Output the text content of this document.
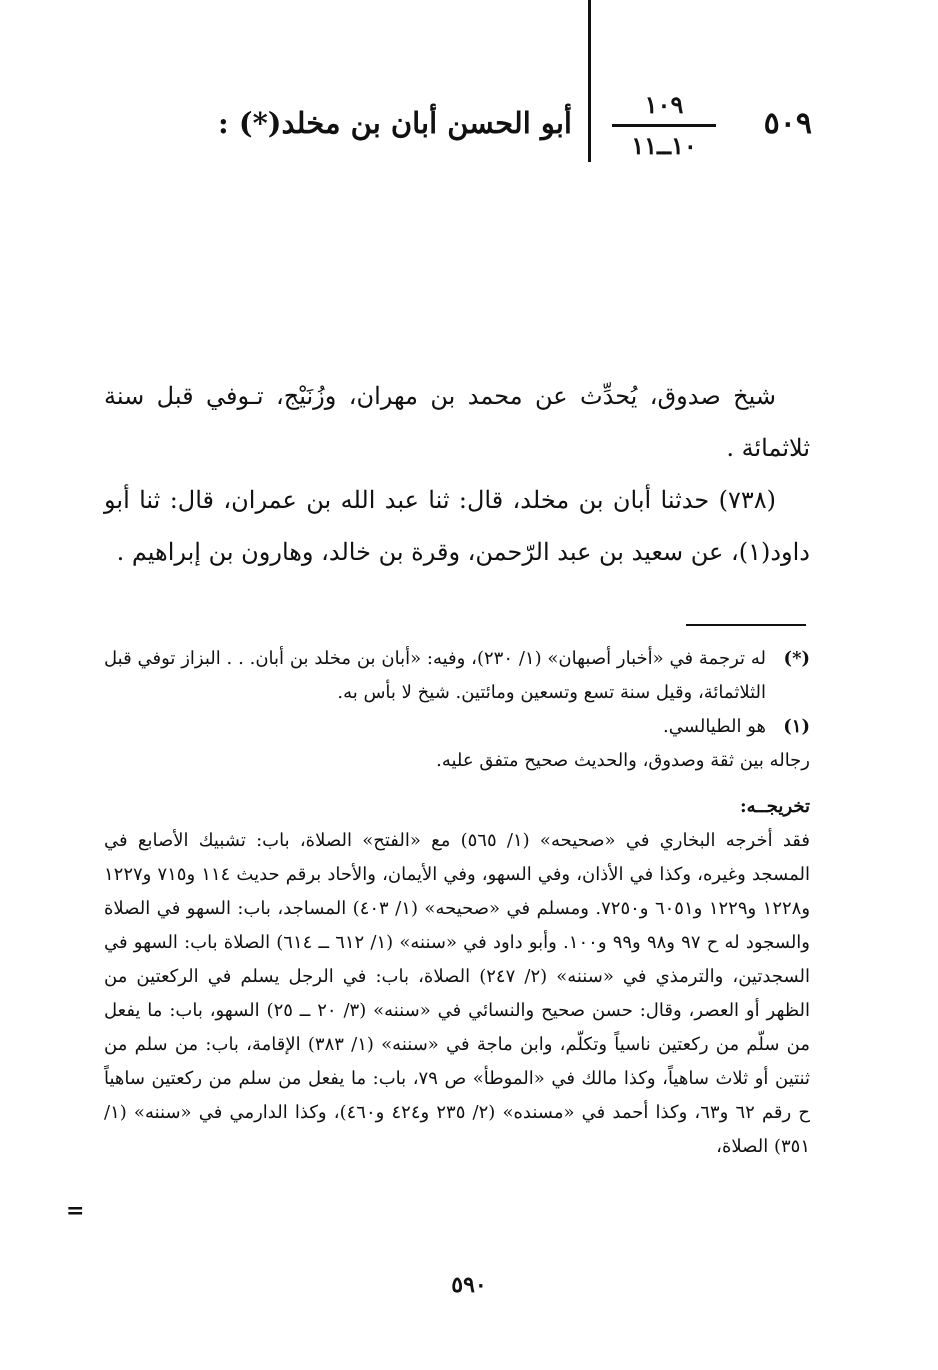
٥٠٩
١٠٩
١٠ــ١١
أبو الحسن أبان بن مخلد(*) :

شيخ صدوق، يُحدِّث عن محمد بن مهران، وزُنَيْج، تـوفي قبل سنة ثلاثمائة .

(٧٣٨) حدثنا أبان بن مخلد، قال: ثنا عبد الله بن عمران، قال: ثنا أبو داود(١)، عن سعيد بن عبد الرّحمن، وقرة بن خالد، وهارون بن إبراهيم .

(*)
له ترجمة في «أخبار أصبهان» (١/ ٢٣٠)، وفيه: «أبان بن مخلد بن أبان. . . البزاز توفي قبل الثلاثمائة، وقيل سنة تسع وتسعين ومائتين. شيخ لا بأس به.
(١)
هو الطيالسي.

رجاله بين ثقة وصدوق، والحديث صحيح متفق عليه.

تخريجــه:

فقد أخرجه البخاري في «صحيحه» (١/ ٥٦٥) مع «الفتح» الصلاة، باب: تشبيك الأصابع في المسجد وغيره، وكذا في الأذان، وفي السهو، وفي الأيمان، والأحاد برقم حديث ١١٤ و٧١٥ و١٢٢٧ و١٢٢٨ و١٢٢٩ و٦٠٥١ و٧٢٥٠. ومسلم في «صحيحه» (١/ ٤٠٣) المساجد، باب: السهو في الصلاة والسجود له ح ٩٧ و٩٨ و٩٩ و١٠٠. وأبو داود في «سننه» (١/ ٦١٢ ــ ٦١٤) الصلاة باب: السهو في السجدتين، والترمذي في «سننه» (٢/ ٢٤٧) الصلاة، باب: في الرجل يسلم في الركعتين من الظهر أو العصر، وقال: حسن صحيح والنسائي في «سننه» (٣/ ٢٠ ــ ٢٥) السهو، باب: ما يفعل من سلّم من ركعتين ناسياً وتكلّم، وابن ماجة في «سننه» (١/ ٣٨٣) الإقامة، باب: من سلم من ثنتين أو ثلاث ساهياً، وكذا مالك في «الموطأ» ص ٧٩، باب: ما يفعل من سلم من ركعتين ساهياً ح رقم ٦٢ و٦٣، وكذا أحمد في «مسنده» (٢/ ٢٣٥ و٤٢٤ و٤٦٠)، وكذا الدارمي في «سننه» (١/ ٣٥١) الصلاة،

=
٥٩٠
